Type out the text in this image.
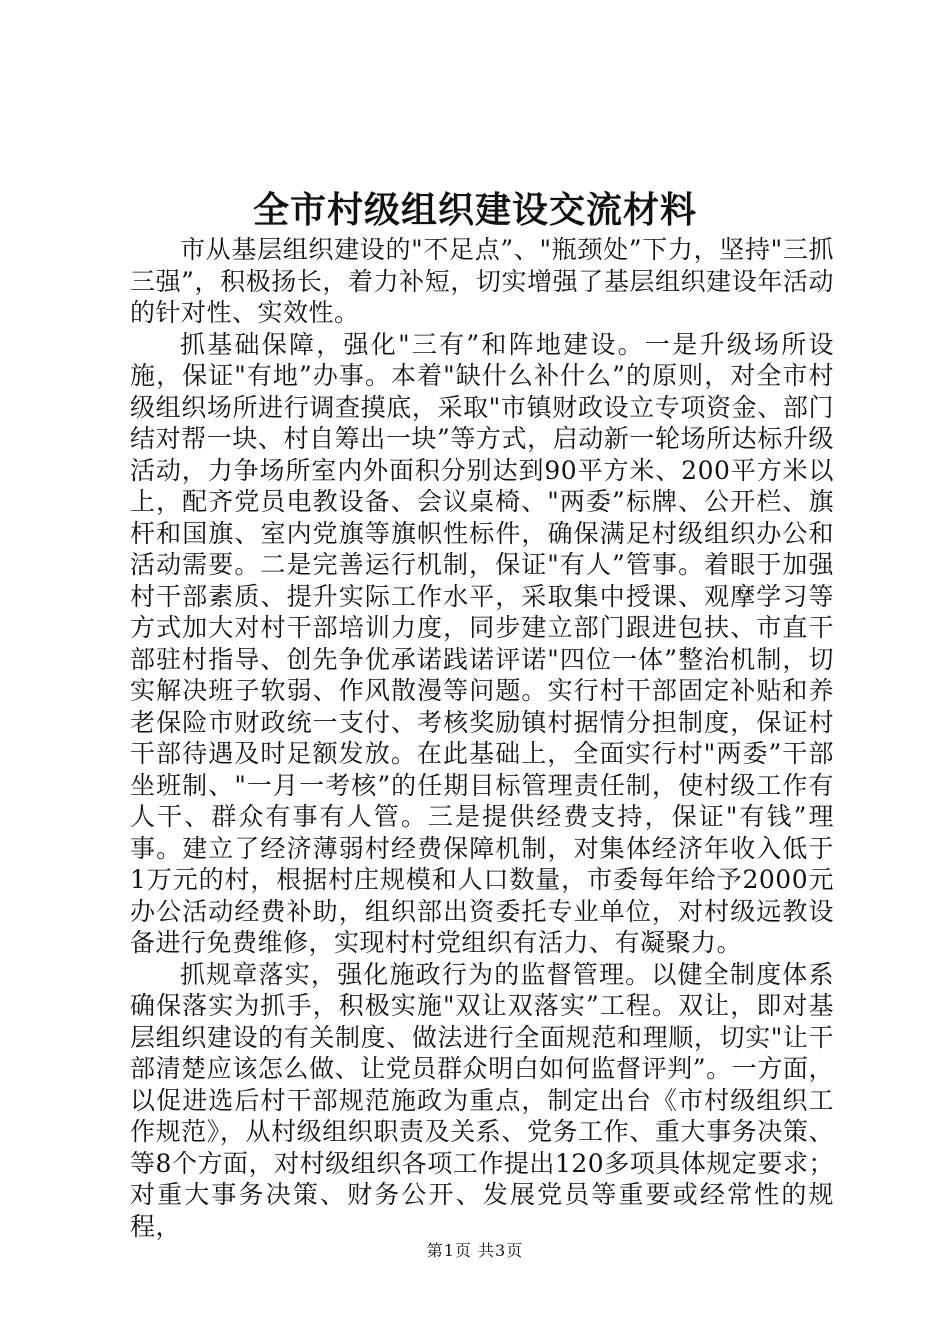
全市村级组织建设交流材料

市从基层组织建设的"不足点”、"瓶颈处”下力，坚持"三抓三强”，积极扬长，着力补短，切实增强了基层组织建设年活动的针对性、实效性。

抓基础保障，强化"三有”和阵地建设。一是升级场所设施，保证"有地”办事。本着"缺什么补什么”的原则，对全市村级组织场所进行调查摸底，采取"市镇财政设立专项资金、部门结对帮一块、村自筹出一块”等方式，启动新一轮场所达标升级活动，力争场所室内外面积分别达到90平方米、200平方米以上，配齐党员电教设备、会议桌椅、"两委”标牌、公开栏、旗杆和国旗、室内党旗等旗帜性标件，确保满足村级组织办公和活动需要。二是完善运行机制，保证"有人”管事。着眼于加强村干部素质、提升实际工作水平，采取集中授课、观摩学习等方式加大对村干部培训力度，同步建立部门跟进包扶、市直干部驻村指导、创先争优承诺践诺评诺"四位一体”整治机制，切实解决班子软弱、作风散漫等问题。实行村干部固定补贴和养老保险市财政统一支付、考核奖励镇村据情分担制度，保证村干部待遇及时足额发放。在此基础上，全面实行村"两委”干部坐班制、"一月一考核”的任期目标管理责任制，使村级工作有人干、群众有事有人管。三是提供经费支持，保证"有钱”理事。建立了经济薄弱村经费保障机制，对集体经济年收入低于1万元的村，根据村庄规模和人口数量，市委每年给予2000元办公活动经费补助，组织部出资委托专业单位，对村级远教设备进行免费维修，实现村村党组织有活力、有凝聚力。

抓规章落实，强化施政行为的监督管理。以健全制度体系确保落实为抓手，积极实施"双让双落实”工程。双让，即对基层组织建设的有关制度、做法进行全面规范和理顺，切实"让干部清楚应该怎么做、让党员群众明白如何监督评判”。一方面，以促进选后村干部规范施政为重点，制定出台《市村级组织工作规范》，从村级组织职责及关系、党务工作、重大事务决策、等8个方面，对村级组织各项工作提出120多项具体规定要求；对重大事务决策、财务公开、发展党员等重要或经常性的规程，

第1页 共3页
